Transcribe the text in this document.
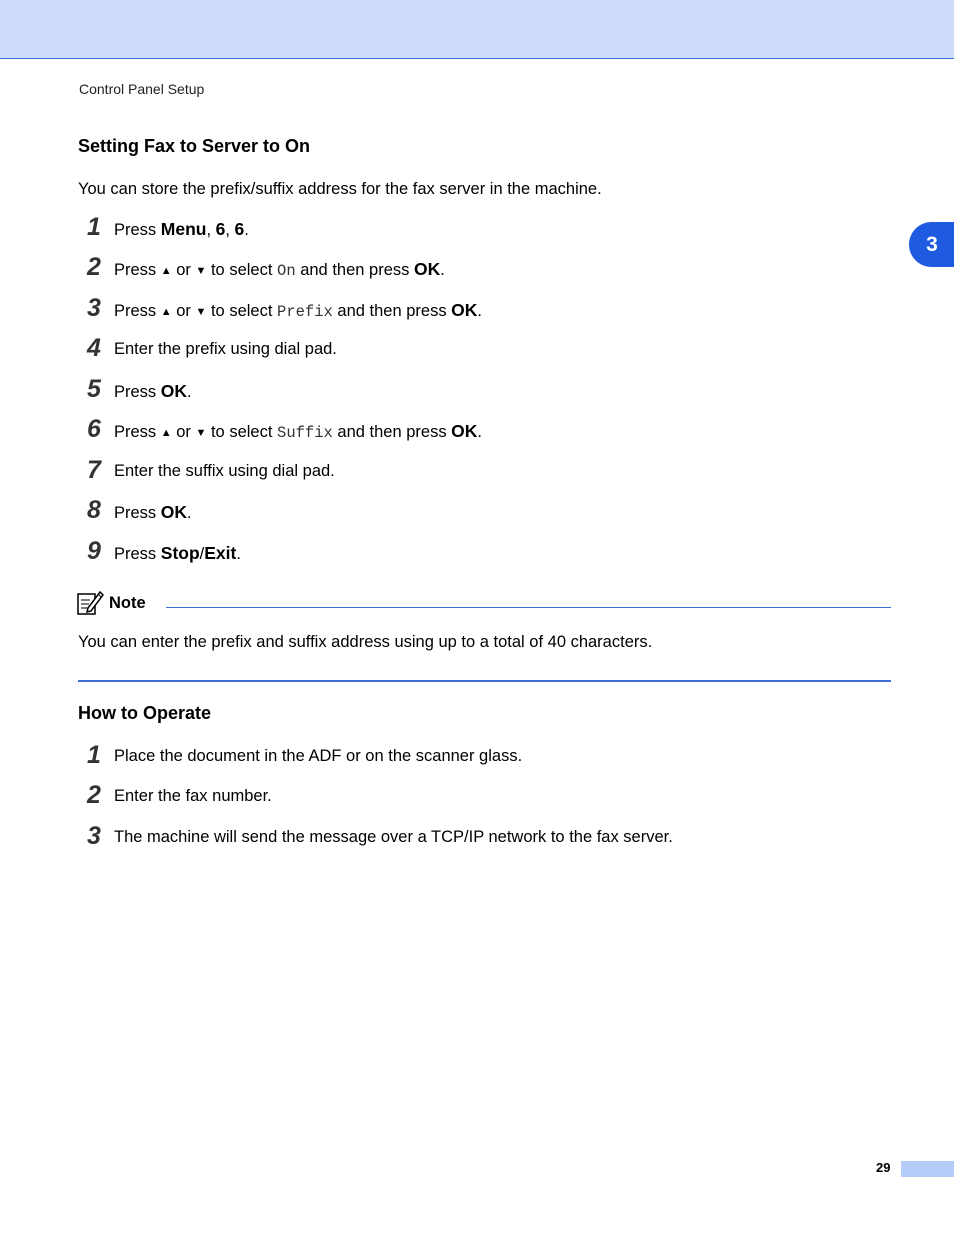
Control Panel Setup
3
Setting Fax to Server to On
You can store the prefix/suffix address for the fax server in the machine.
1 Press Menu, 6, 6.
2 Press ▲ or ▼ to select On and then press OK.
3 Press ▲ or ▼ to select Prefix and then press OK.
4 Enter the prefix using dial pad.
5 Press OK.
6 Press ▲ or ▼ to select Suffix and then press OK.
7 Enter the suffix using dial pad.
8 Press OK.
9 Press Stop/Exit.
Note
You can enter the prefix and suffix address using up to a total of 40 characters.
How to Operate
1 Place the document in the ADF or on the scanner glass.
2 Enter the fax number.
3 The machine will send the message over a TCP/IP network to the fax server.
29
